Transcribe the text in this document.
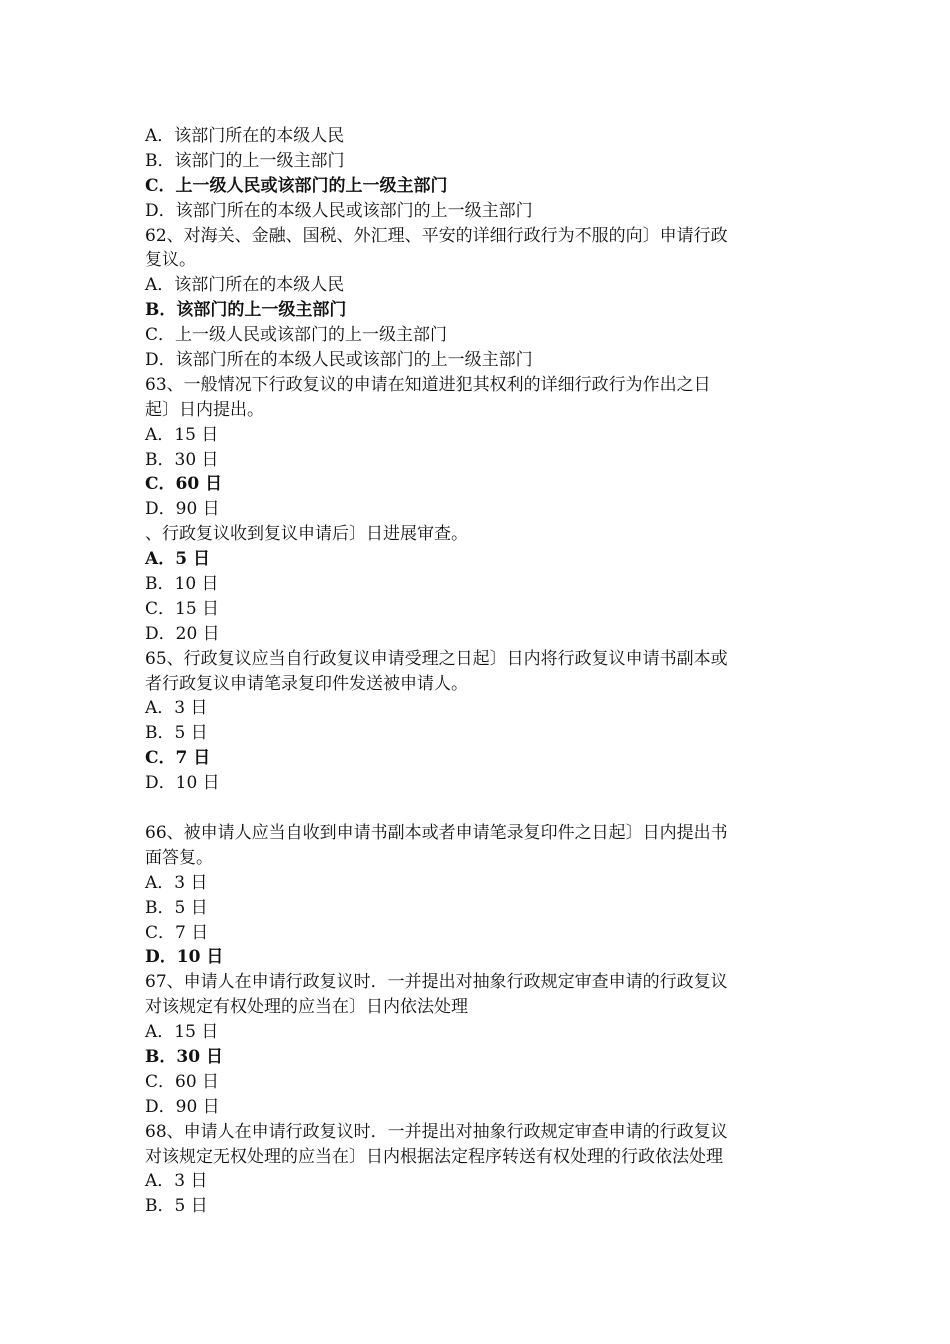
A．该部门所在的本级人民
B．该部门的上一级主部门
C．上一级人民或该部门的上一级主部门
D．该部门所在的本级人民或该部门的上一级主部门
62、对海关、金融、国税、外汇理、平安的详细行政行为不服的向〕申请行政
复议。
A．该部门所在的本级人民
B．该部门的上一级主部门
C．上一级人民或该部门的上一级主部门
D．该部门所在的本级人民或该部门的上一级主部门
63、一般情况下行政复议的申请在知道进犯其权利的详细行政行为作出之日
起〕日内提出。
A．15 日
B．30 日
C．60 日
D．90 日
、行政复议收到复议申请后〕日进展审查。
A．5 日
B．10 日
C．15 日
D．20 日
65、行政复议应当自行政复议申请受理之日起〕日内将行政复议申请书副本或
者行政复议申请笔录复印件发送被申请人。
A．3 日
B．5 日
C．7 日
D．10 日
66、被申请人应当自收到申请书副本或者申请笔录复印件之日起〕日内提出书
面答复。
A．3 日
B．5 日
C．7 日
D．10 日
67、申请人在申请行政复议时．一并提出对抽象行政规定审查申请的行政复议
对该规定有权处理的应当在〕日内依法处理
A．15 日
B．30 日
C．60 日
D．90 日
68、申请人在申请行政复议时．一并提出对抽象行政规定审查申请的行政复议
对该规定无权处理的应当在〕日内根据法定程序转送有权处理的行政依法处理
A．3 日
B．5 日
